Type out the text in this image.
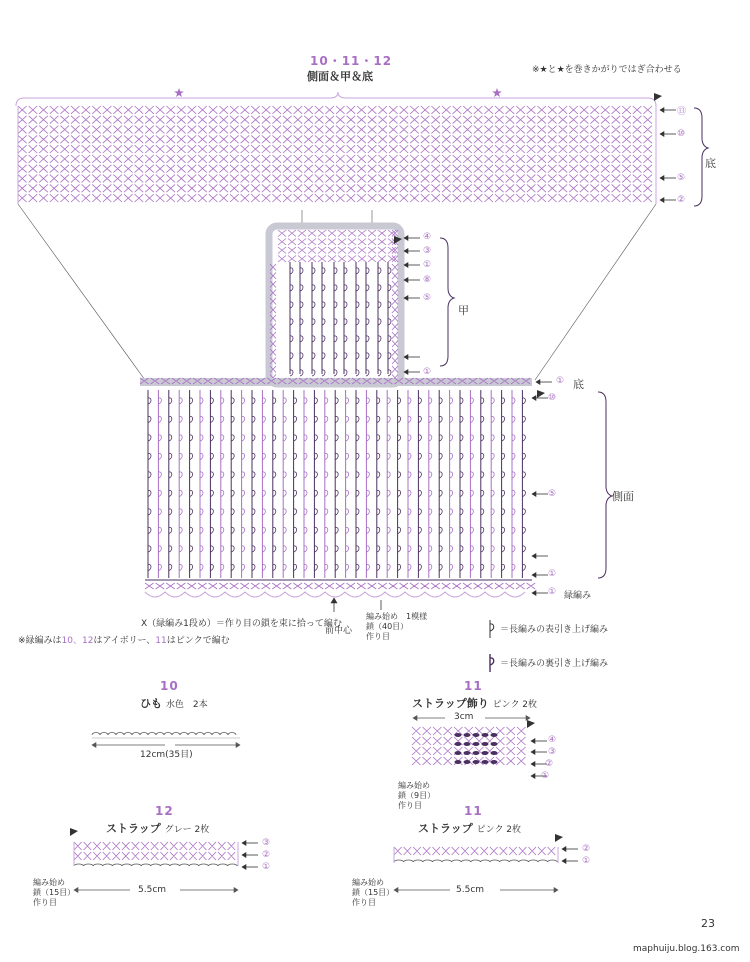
10・11・12
側面＆甲＆底	※★と★を巻きかがりではぎ合わせる
底
甲
側面
⑬
⑩
⑤
②
④
③
①
⑧
⑤
①
① 底
⑩
⑤
①
① 緑編み
X（緑編み1段め）＝作り目の鎖を束に拾って編む
※緑編みは10、12はアイボリー、11はピンクで編む
前中心
編み始め　1模様
鎖（40目）
作り目
＝長編みの表引き上げ編み
＝長編みの裏引き上げ編み
10
ひも 水色　2本
12cm(35目)
11
ストラップ飾り ピンク 2枚
3cm
④
③
②
①
編み始め
鎖（9目）
作り目
12
ストラップ グレー 2枚
③
②
①
編み始め
鎖（15目）
作り目
5.5cm
11
ストラップ ピンク 2枚
②
①
編み始め
鎖（15目）
作り目
5.5cm
23
maphuiju.blog.163.com
